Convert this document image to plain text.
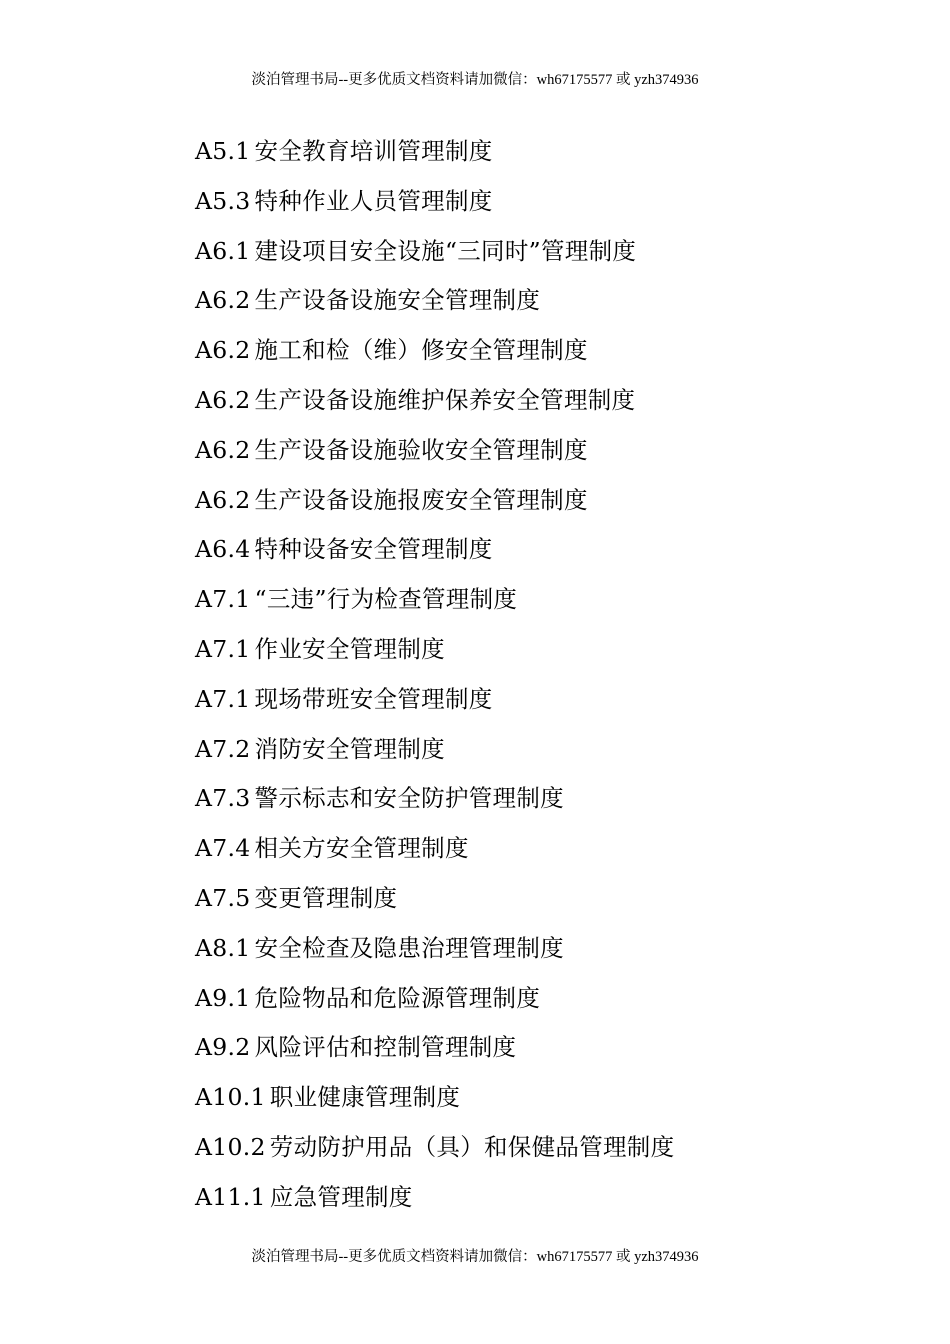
淡泊管理书局--更多优质文档资料请加微信：wh67175577 或 yzh374936
A5.1 安全教育培训管理制度
A5.3 特种作业人员管理制度
A6.1 建设项目安全设施“三同时”管理制度
A6.2 生产设备设施安全管理制度
A6.2 施工和检（维）修安全管理制度
A6.2 生产设备设施维护保养安全管理制度
A6.2 生产设备设施验收安全管理制度
A6.2 生产设备设施报废安全管理制度
A6.4 特种设备安全管理制度
A7.1 “三违”行为检查管理制度
A7.1 作业安全管理制度
A7.1 现场带班安全管理制度
A7.2 消防安全管理制度
A7.3 警示标志和安全防护管理制度
A7.4 相关方安全管理制度
A7.5 变更管理制度
A8.1 安全检查及隐患治理管理制度
A9.1 危险物品和危险源管理制度
A9.2 风险评估和控制管理制度
A10.1 职业健康管理制度
A10.2 劳动防护用品（具）和保健品管理制度
A11.1 应急管理制度
淡泊管理书局--更多优质文档资料请加微信：wh67175577 或 yzh374936
